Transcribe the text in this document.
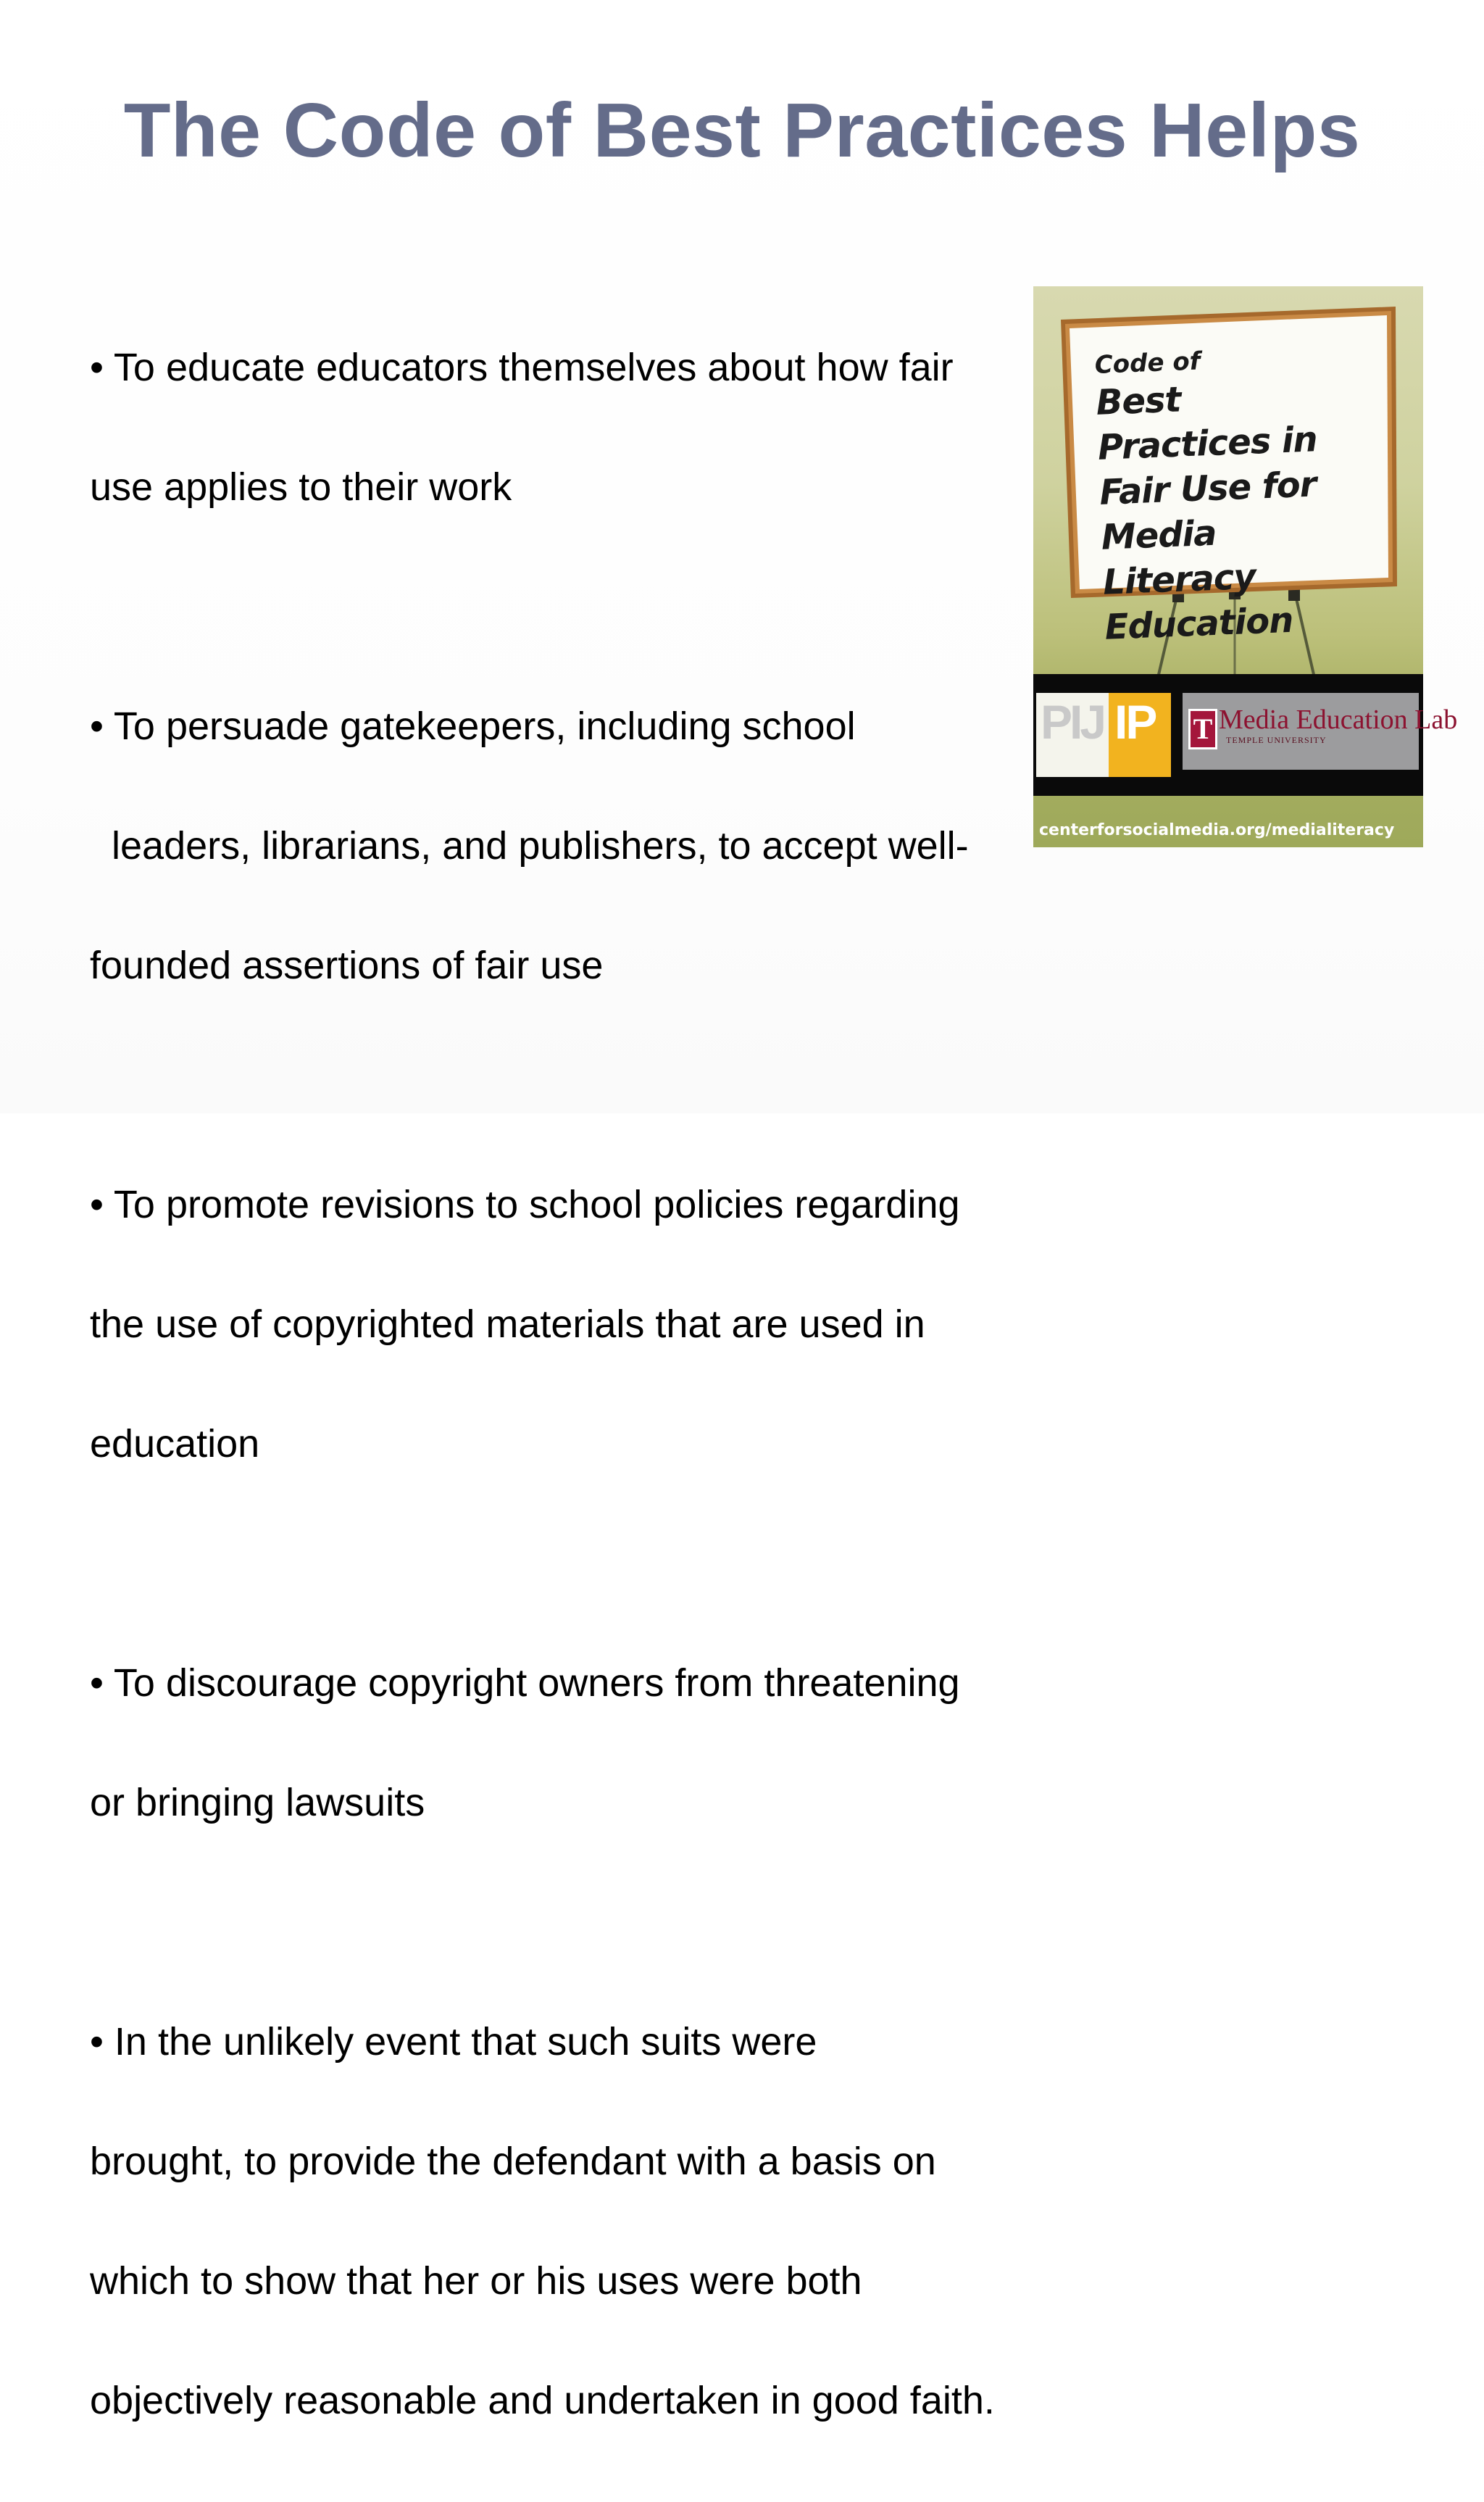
The Code of Best Practices Helps

• To educate educators themselves about how fair

use applies to their work

• To persuade gatekeepers, including school

leaders, librarians, and publishers, to accept well-

founded assertions of fair use

• To promote revisions to school policies regarding

the use of copyrighted materials that are used in

education

• To discourage copyright owners from threatening

or bringing lawsuits

• In the unlikely event that such suits were

brought, to provide the defendant with a basis on

which to show that her or his uses were both

objectively reasonable and undertaken in good faith.

Code of
Best Practices in
Fair Use for
Media Literacy
Education
PIJ IP T Media Education Lab
TEMPLE UNIVERSITY
centerforsocialmedia.org/medialiteracy
